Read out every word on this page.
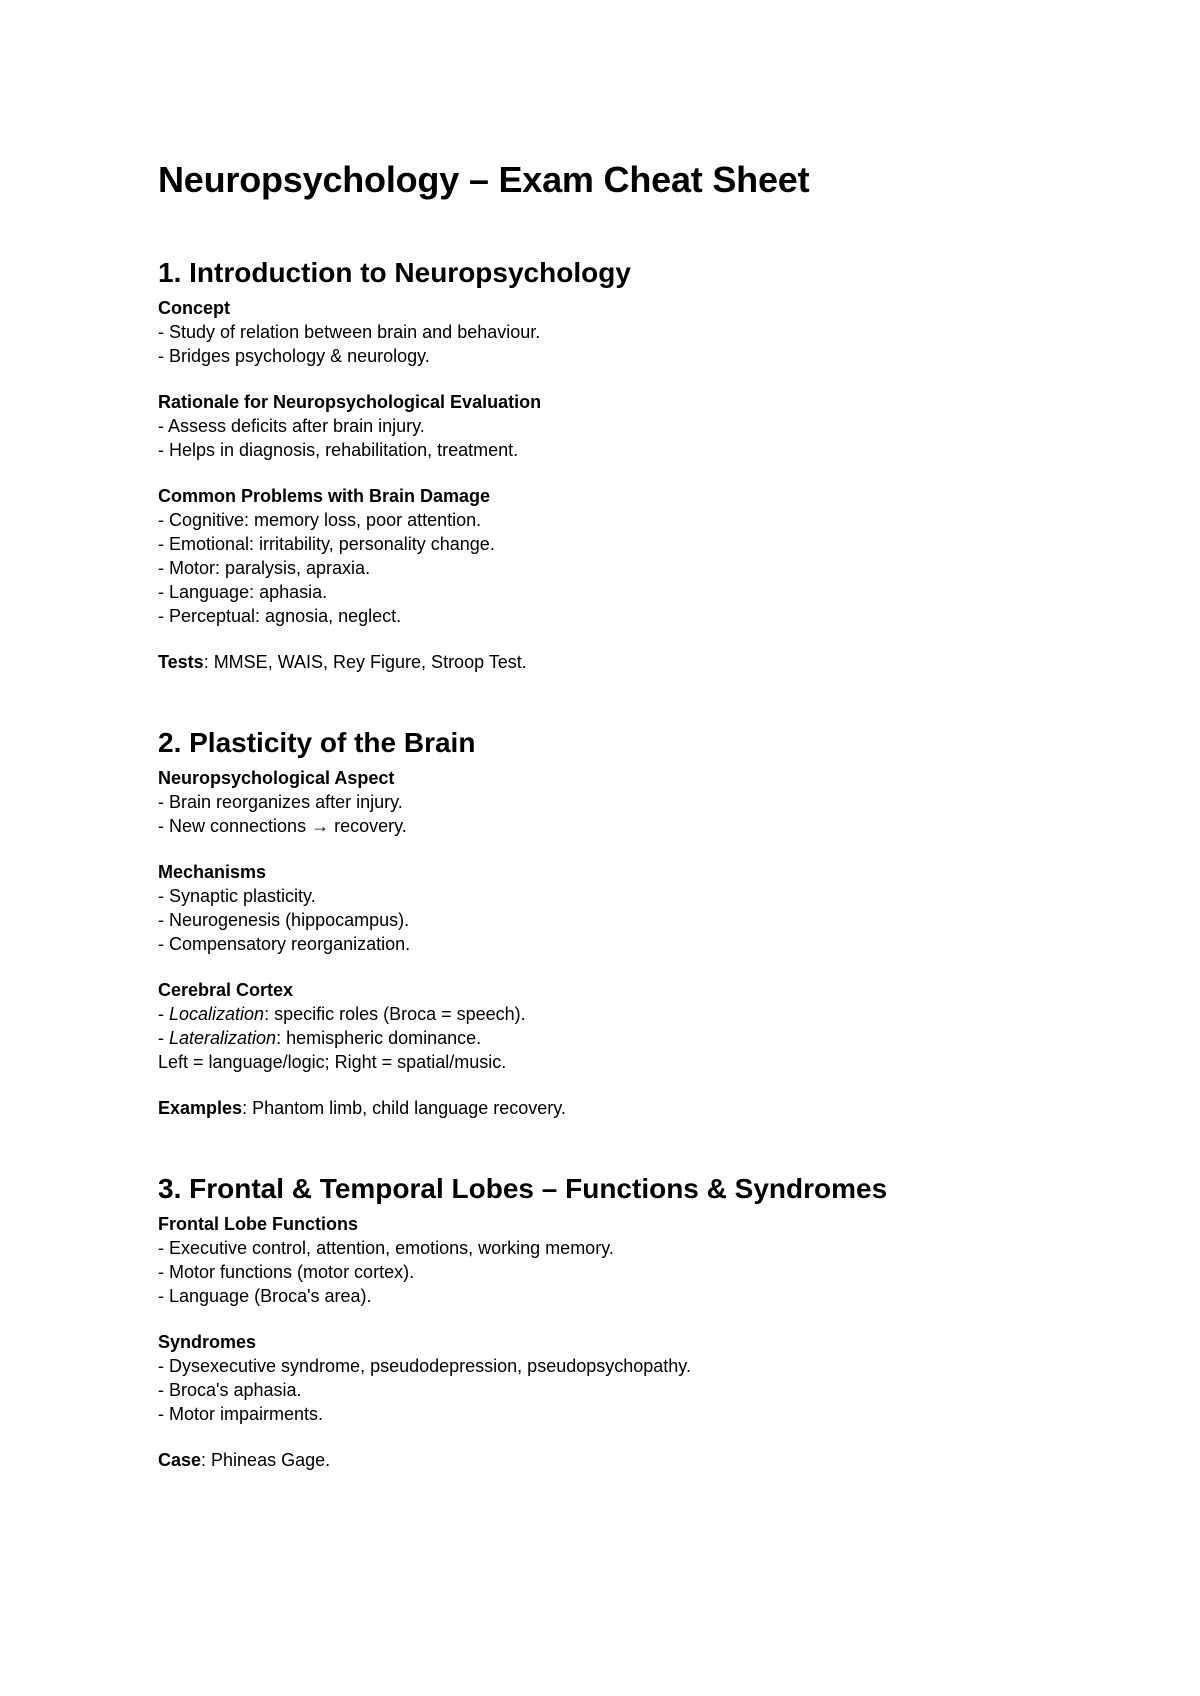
Neuropsychology – Exam Cheat Sheet
1. Introduction to Neuropsychology
Concept
- Study of relation between brain and behaviour.
- Bridges psychology & neurology.
Rationale for Neuropsychological Evaluation
- Assess deficits after brain injury.
- Helps in diagnosis, rehabilitation, treatment.
Common Problems with Brain Damage
- Cognitive: memory loss, poor attention.
- Emotional: irritability, personality change.
- Motor: paralysis, apraxia.
- Language: aphasia.
- Perceptual: agnosia, neglect.
Tests: MMSE, WAIS, Rey Figure, Stroop Test.
2. Plasticity of the Brain
Neuropsychological Aspect
- Brain reorganizes after injury.
- New connections → recovery.
Mechanisms
- Synaptic plasticity.
- Neurogenesis (hippocampus).
- Compensatory reorganization.
Cerebral Cortex
- Localization: specific roles (Broca = speech).
- Lateralization: hemispheric dominance.
Left = language/logic; Right = spatial/music.
Examples: Phantom limb, child language recovery.
3. Frontal & Temporal Lobes – Functions & Syndromes
Frontal Lobe Functions
- Executive control, attention, emotions, working memory.
- Motor functions (motor cortex).
- Language (Broca's area).
Syndromes
- Dysexecutive syndrome, pseudodepression, pseudopsychopathy.
- Broca's aphasia.
- Motor impairments.
Case: Phineas Gage.
